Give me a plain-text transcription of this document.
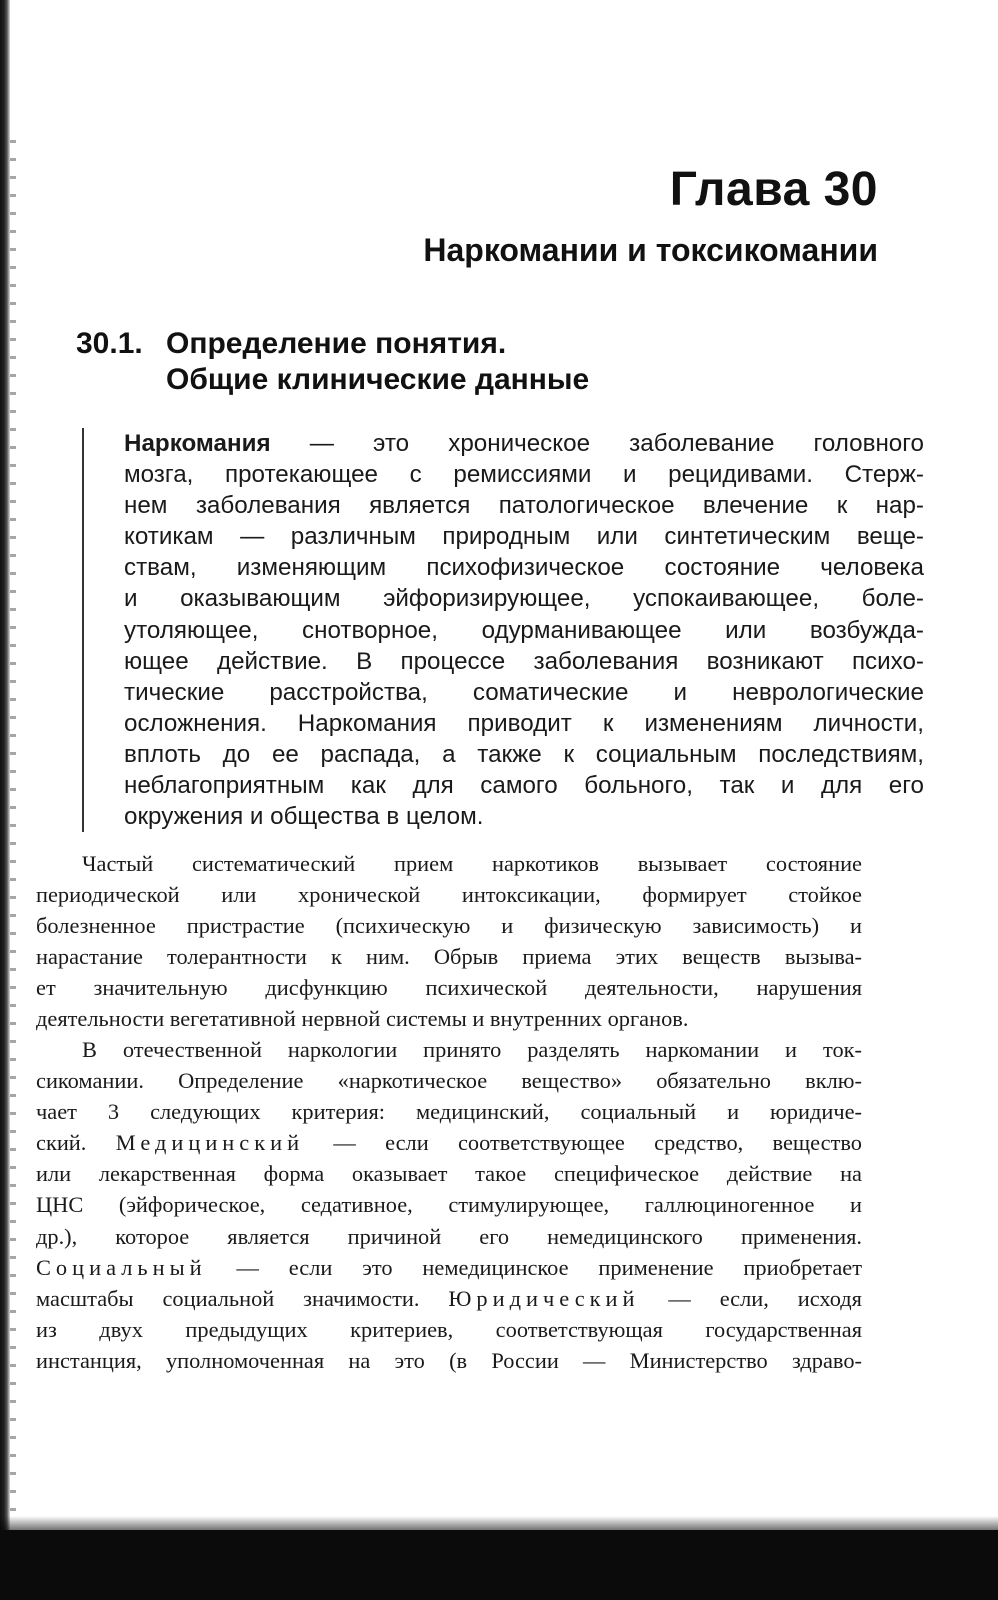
Глава 30
Наркомании и токсикомании
30.1. Определение понятия.
Общие клинические данные
Наркомания — это хроническое заболевание головного
мозга, протекающее с ремиссиями и рецидивами. Стерж-
нем заболевания является патологическое влечение к нар-
котикам — различным природным или синтетическим веще-
ствам, изменяющим психофизическое состояние человека
и оказывающим эйфоризирующее, успокаивающее, боле-
утоляющее, снотворное, одурманивающее или возбужда-
ющее действие. В процессе заболевания возникают психо-
тические расстройства, соматические и неврологические
осложнения. Наркомания приводит к изменениям личности,
вплоть до ее распада, а также к социальным последствиям,
неблагоприятным как для самого больного, так и для его
окружения и общества в целом.
Частый систематический прием наркотиков вызывает состояние
периодической или хронической интоксикации, формирует стойкое
болезненное пристрастие (психическую и физическую зависимость) и
нарастание толерантности к ним. Обрыв приема этих веществ вызыва-
ет значительную дисфункцию психической деятельности, нарушения
деятельности вегетативной нервной системы и внутренних органов.
В отечественной наркологии принято разделять наркомании и ток-
сикомании. Определение «наркотическое вещество» обязательно вклю-
чает 3 следующих критерия: медицинский, социальный и юридиче-
ский. Медицинский — если соответствующее средство, вещество
или лекарственная форма оказывает такое специфическое действие на
ЦНС (эйфорическое, седативное, стимулирующее, галлюциногенное и
др.), которое является причиной его немедицинского применения.
Социальный — если это немедицинское применение приобретает
масштабы социальной значимости. Юридический — если, исходя
из двух предыдущих критериев, соответствующая государственная
инстанция, уполномоченная на это (в России — Министерство здраво-
